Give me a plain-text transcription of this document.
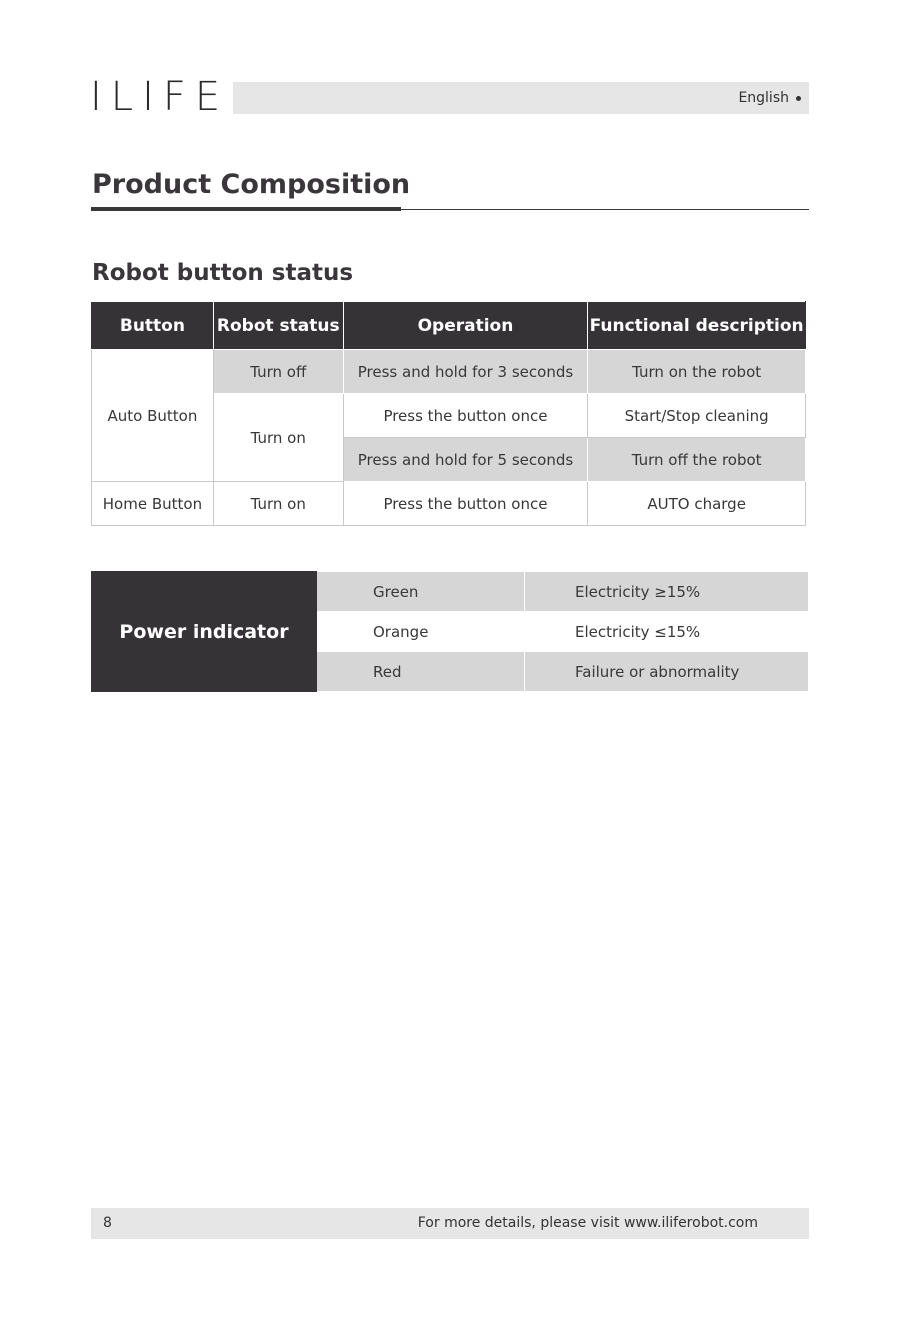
ILIFE	English
Product Composition
Robot button status
Button	Robot status	Operation	Functional description
Auto Button	Turn off	Press and hold for 3 seconds	Turn on the robot
	Turn on	Press the button once	Start/Stop cleaning
		Press and hold for 5 seconds	Turn off the robot
Home Button	Turn on	Press the button once	AUTO charge
Power indicator	Green	Electricity ≥15%
	Orange	Electricity ≤15%
	Red	Failure or abnormality
8	For more details, please visit www.iliferobot.com
